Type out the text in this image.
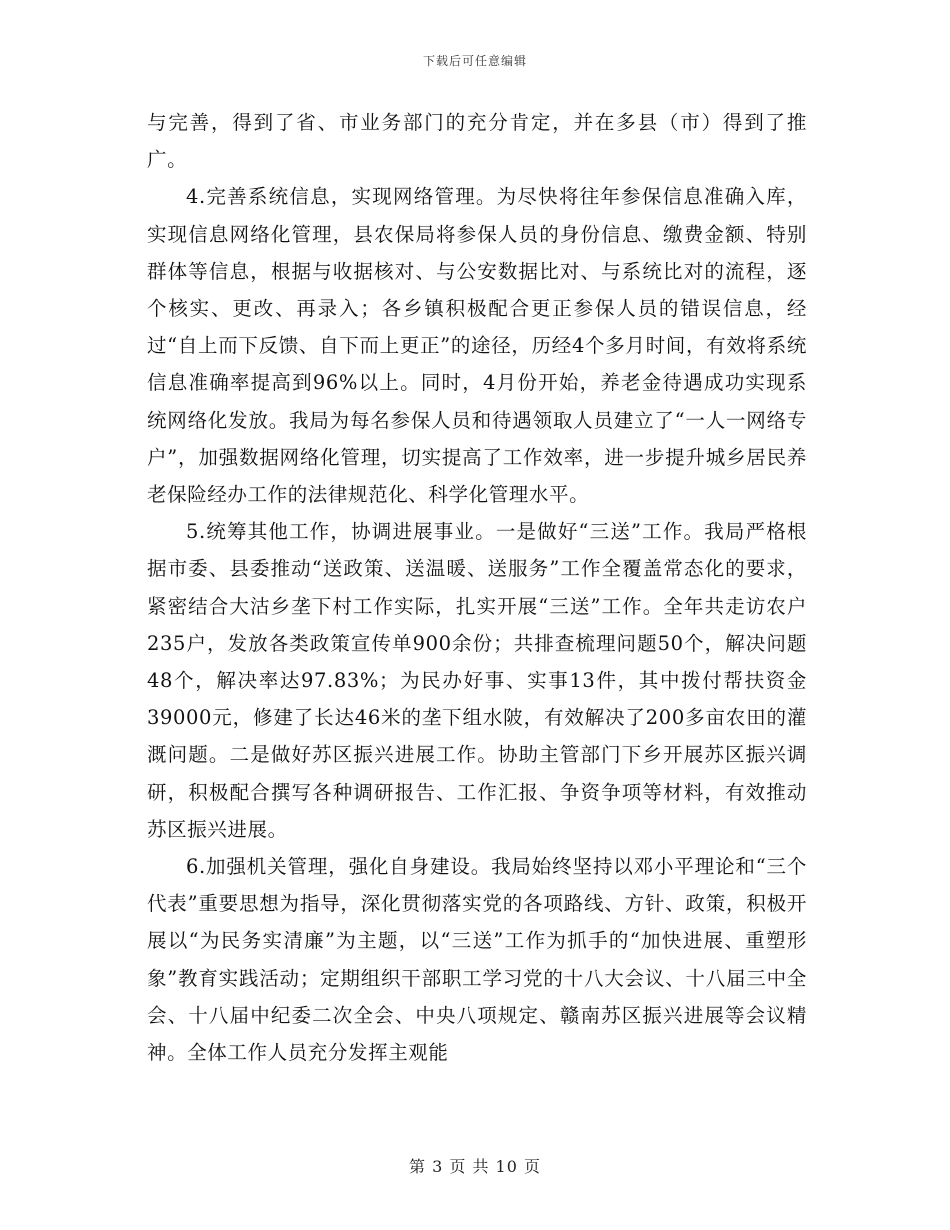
下载后可任意编辑

与完善，得到了省、市业务部门的充分肯定，并在多县（市）得到了推广。

4.完善系统信息，实现网络管理。为尽快将往年参保信息准确入库，实现信息网络化管理，县农保局将参保人员的身份信息、缴费金额、特别群体等信息，根据与收据核对、与公安数据比对、与系统比对的流程，逐个核实、更改、再录入；各乡镇积极配合更正参保人员的错误信息，经过“自上而下反馈、自下而上更正”的途径，历经4个多月时间，有效将系统信息准确率提高到96%以上。同时，4月份开始，养老金待遇成功实现系统网络化发放。我局为每名参保人员和待遇领取人员建立了“一人一网络专户”，加强数据网络化管理，切实提高了工作效率，进一步提升城乡居民养老保险经办工作的法律规范化、科学化管理水平。

5.统筹其他工作，协调进展事业。一是做好“三送”工作。我局严格根据市委、县委推动“送政策、送温暖、送服务”工作全覆盖常态化的要求，紧密结合大沽乡垄下村工作实际，扎实开展“三送”工作。全年共走访农户235户，发放各类政策宣传单900余份；共排查梳理问题50个，解决问题48个，解决率达97.83%；为民办好事、实事13件，其中拨付帮扶资金39000元，修建了长达46米的垄下组水陂，有效解决了200多亩农田的灌溉问题。二是做好苏区振兴进展工作。协助主管部门下乡开展苏区振兴调研，积极配合撰写各种调研报告、工作汇报、争资争项等材料，有效推动苏区振兴进展。

6.加强机关管理，强化自身建设。我局始终坚持以邓小平理论和“三个代表”重要思想为指导，深化贯彻落实党的各项路线、方针、政策，积极开展以“为民务实清廉”为主题，以“三送”工作为抓手的“加快进展、重塑形象”教育实践活动；定期组织干部职工学习党的十八大会议、十八届三中全会、十八届中纪委二次全会、中央八项规定、赣南苏区振兴进展等会议精神。全体工作人员充分发挥主观能

第 3 页 共 10 页
